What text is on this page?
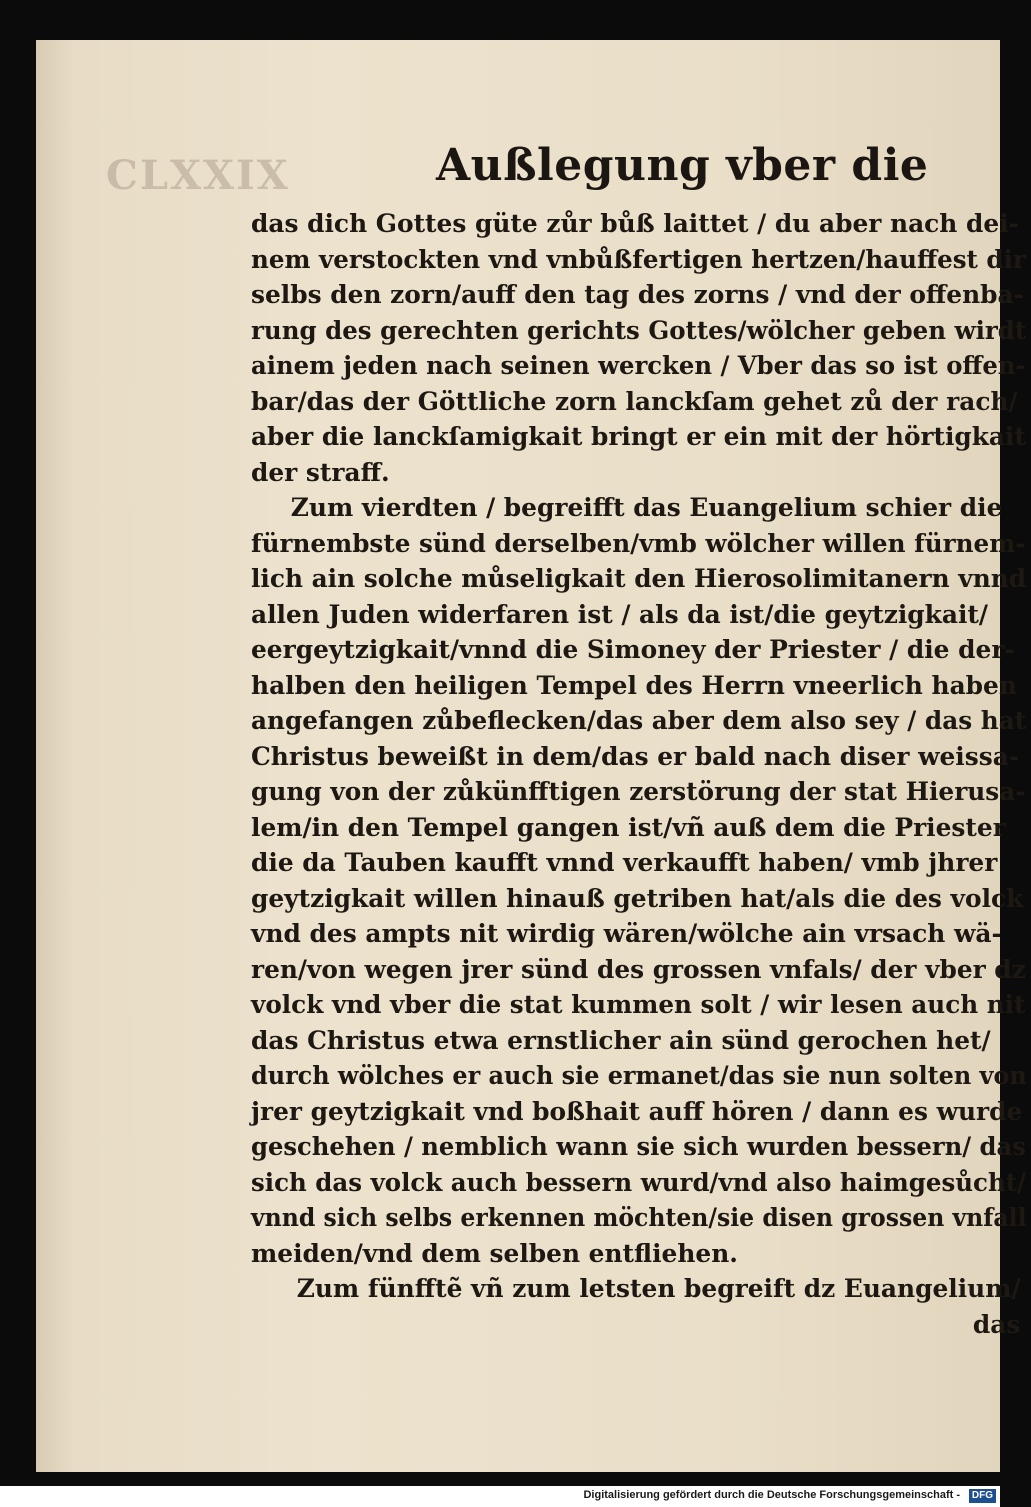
CLXXIX	Außlegung vber die
das dich Gottes güte zůr bůß laittet / du aber nach dei-
nem verstockten vnd vnbůßfertigen hertzen/hauffest dir
selbs den zorn/auff den tag des zorns / vnd der offenba-
rung des gerechten gerichts Gottes/wölcher geben wirdt
ainem jeden nach seinen wercken / Vber das so ist offen-
bar/das der Göttliche zorn lanckſam gehet zů der rach/
aber die lanckſamigkait bringt er ein mit der hörtigkait
der straff.
Zum vierdten / begreifft das Euangelium schier die
fürnembste sünd derselben/vmb wölcher willen fürnem-
lich ain solche můseligkait den Hierosolimitanern vnnd
allen Juden widerfaren ist / als da ist/die geytzigkait/
eergeytzigkait/vnnd die Simoney der Priester / die der-
halben den heiligen Tempel des Herrn vneerlich haben
angefangen zůbeflecken/das aber dem also sey / das hat
Christus beweißt in dem/das er bald nach diser weissa-
gung von der zůkünfftigen zerstörung der stat Hierusa-
lem/in den Tempel gangen ist/vñ auß dem die Priester
die da Tauben kaufft vnnd verkaufft haben/ vmb jhrer
geytzigkait willen hinauß getriben hat/als die des volck
vnd des ampts nit wirdig wären/wölche ain vrsach wä-
ren/von wegen jrer sünd des grossen vnfals/ der vber dz
volck vnd vber die stat kummen solt / wir lesen auch nit
das Christus etwa ernstlicher ain sünd gerochen het/
durch wölches er auch sie ermanet/das sie nun solten von
jrer geytzigkait vnd boßhait auff hören / dann es wurde
geschehen / nemblich wann sie sich wurden bessern/ das
sich das volck auch bessern wurd/vnd also haimgesůcht/
vnnd sich selbs erkennen möchten/sie disen grossen vnfall
meiden/vnd dem selben entfliehen.
Zum fünfftẽ vñ zum letsten begreift dz Euangelium/
das
Digitalisierung gefördert durch die Deutsche Forschungsgemeinschaft -	DFG
